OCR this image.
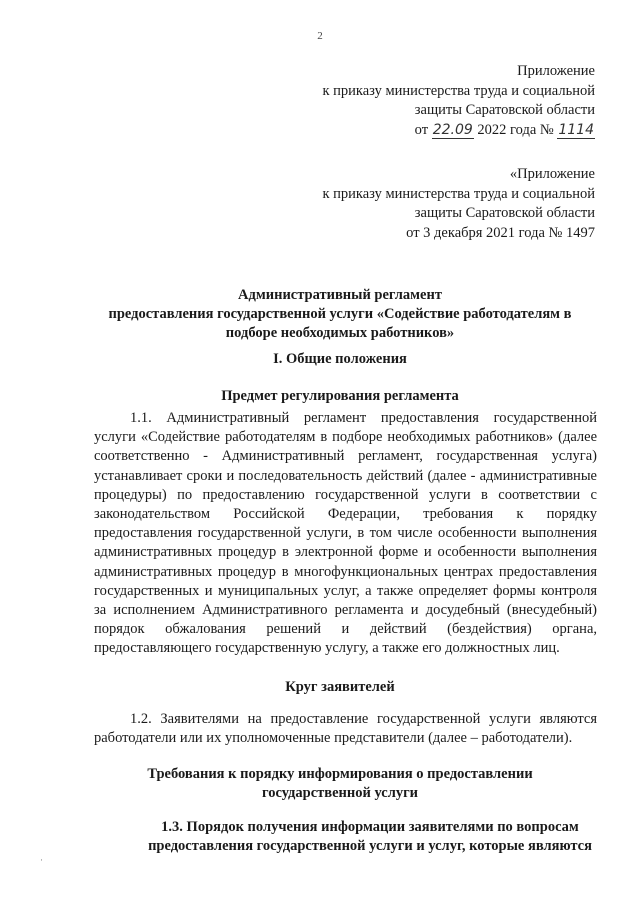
2
Приложение
к приказу министерства труда и социальной
защиты Саратовской области
от 22.09 2022 года № 1114
«Приложение
к приказу министерства труда и социальной
защиты Саратовской области
от 3 декабря 2021 года № 1497
Административный регламент
предоставления государственной услуги «Содействие работодателям в
подборе необходимых работников»
I. Общие положения
Предмет регулирования регламента

1.1. Административный регламент предоставления государственной услуги «Содействие работодателям в подборе необходимых работников» (далее соответственно - Административный регламент, государственная услуга) устанавливает сроки и последовательность действий (далее - административные процедуры) по предоставлению государственной услуги в соответствии с законодательством Российской Федерации, требования к порядку предоставления государственной услуги, в том числе особенности выполнения административных процедур в электронной форме и особенности выполнения административных процедур в многофункциональных центрах предоставления государственных и муниципальных услуг, а также определяет формы контроля за исполнением Административного регламента и досудебный (внесудебный) порядок обжалования решений и действий (бездействия) органа, предоставляющего государственную услугу, а также его должностных лиц.

Круг заявителей

1.2. Заявителями на предоставление государственной услуги являются работодатели или их уполномоченные представители (далее – работодатели).

Требования к порядку информирования о предоставлении
государственной услуги
1.3. Порядок получения информации заявителями по вопросам
предоставления государственной услуги и услуг, которые являются
·
